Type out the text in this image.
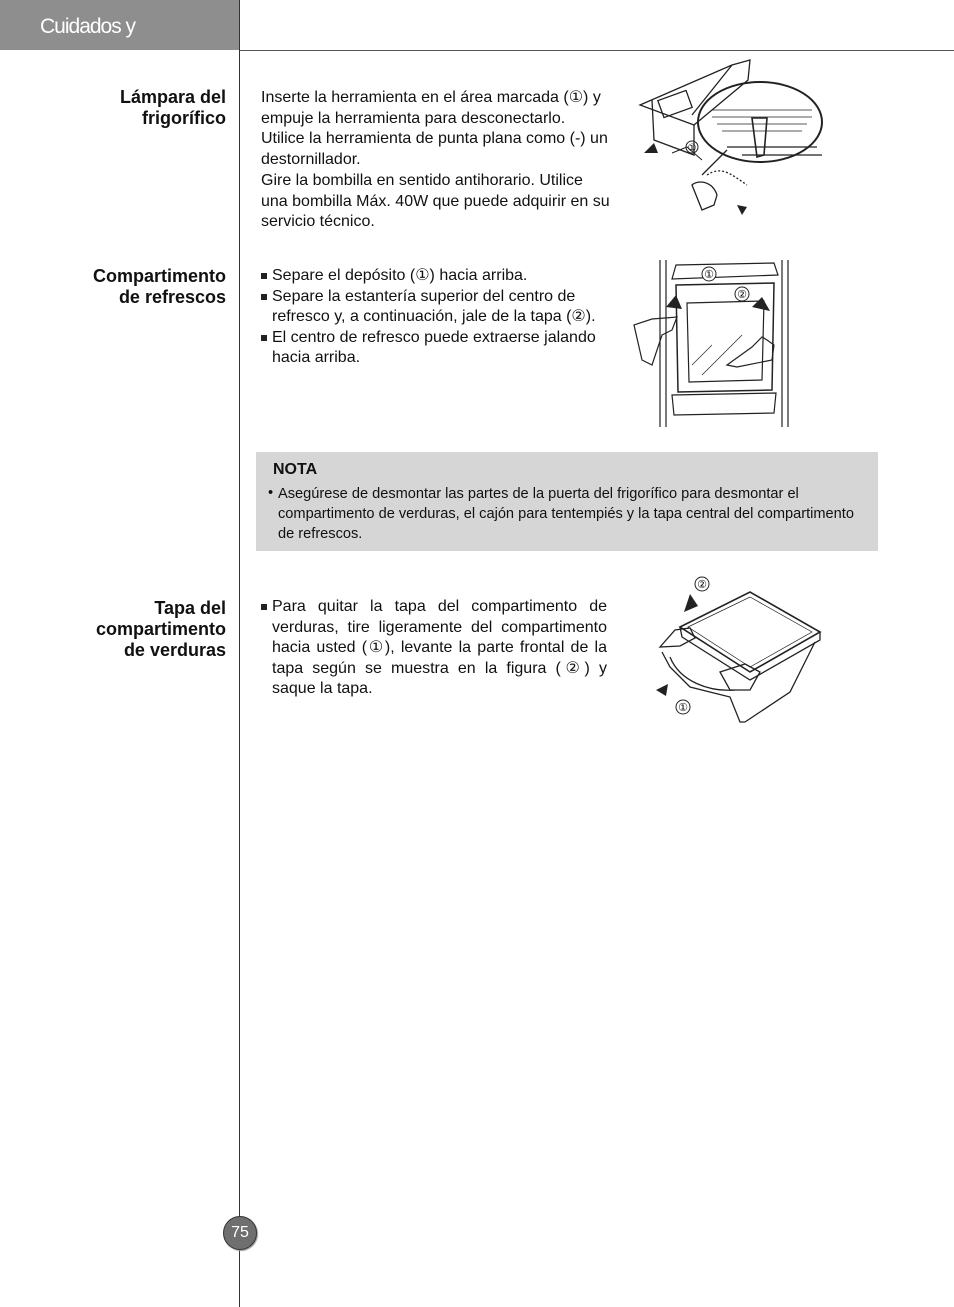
Cuidados y mantenimiento
Lámpara del
frigorífico

Inserte la herramienta en el área marcada (①) y empuje la herramienta para desconectarlo. Utilice la herramienta de punta plana como (-) un destornillador.

Gire la bombilla en sentido antihorario. Utilice una bombilla Máx. 40W que puede adquirir en su servicio técnico.

①
Compartimento
de refrescos
Separe el depósito (①) hacia arriba.
Separe la estantería superior del centro de refresco y, a continuación, jale de la tapa (②).
El centro de refresco puede extraerse jalando hacia arriba.
①
②
NOTA
• Asegúrese de desmontar las partes de la puerta del frigorífico para desmontar el compartimento de verduras, el cajón para tentempiés y la tapa central del compartimento de refrescos.
Tapa del
compartimento
de verduras
Para quitar la tapa del compartimento de verduras, tire ligeramente del compartimento hacia usted (①), levante la parte frontal de la tapa según se muestra en la figura (②) y saque la tapa.
②
①
75
